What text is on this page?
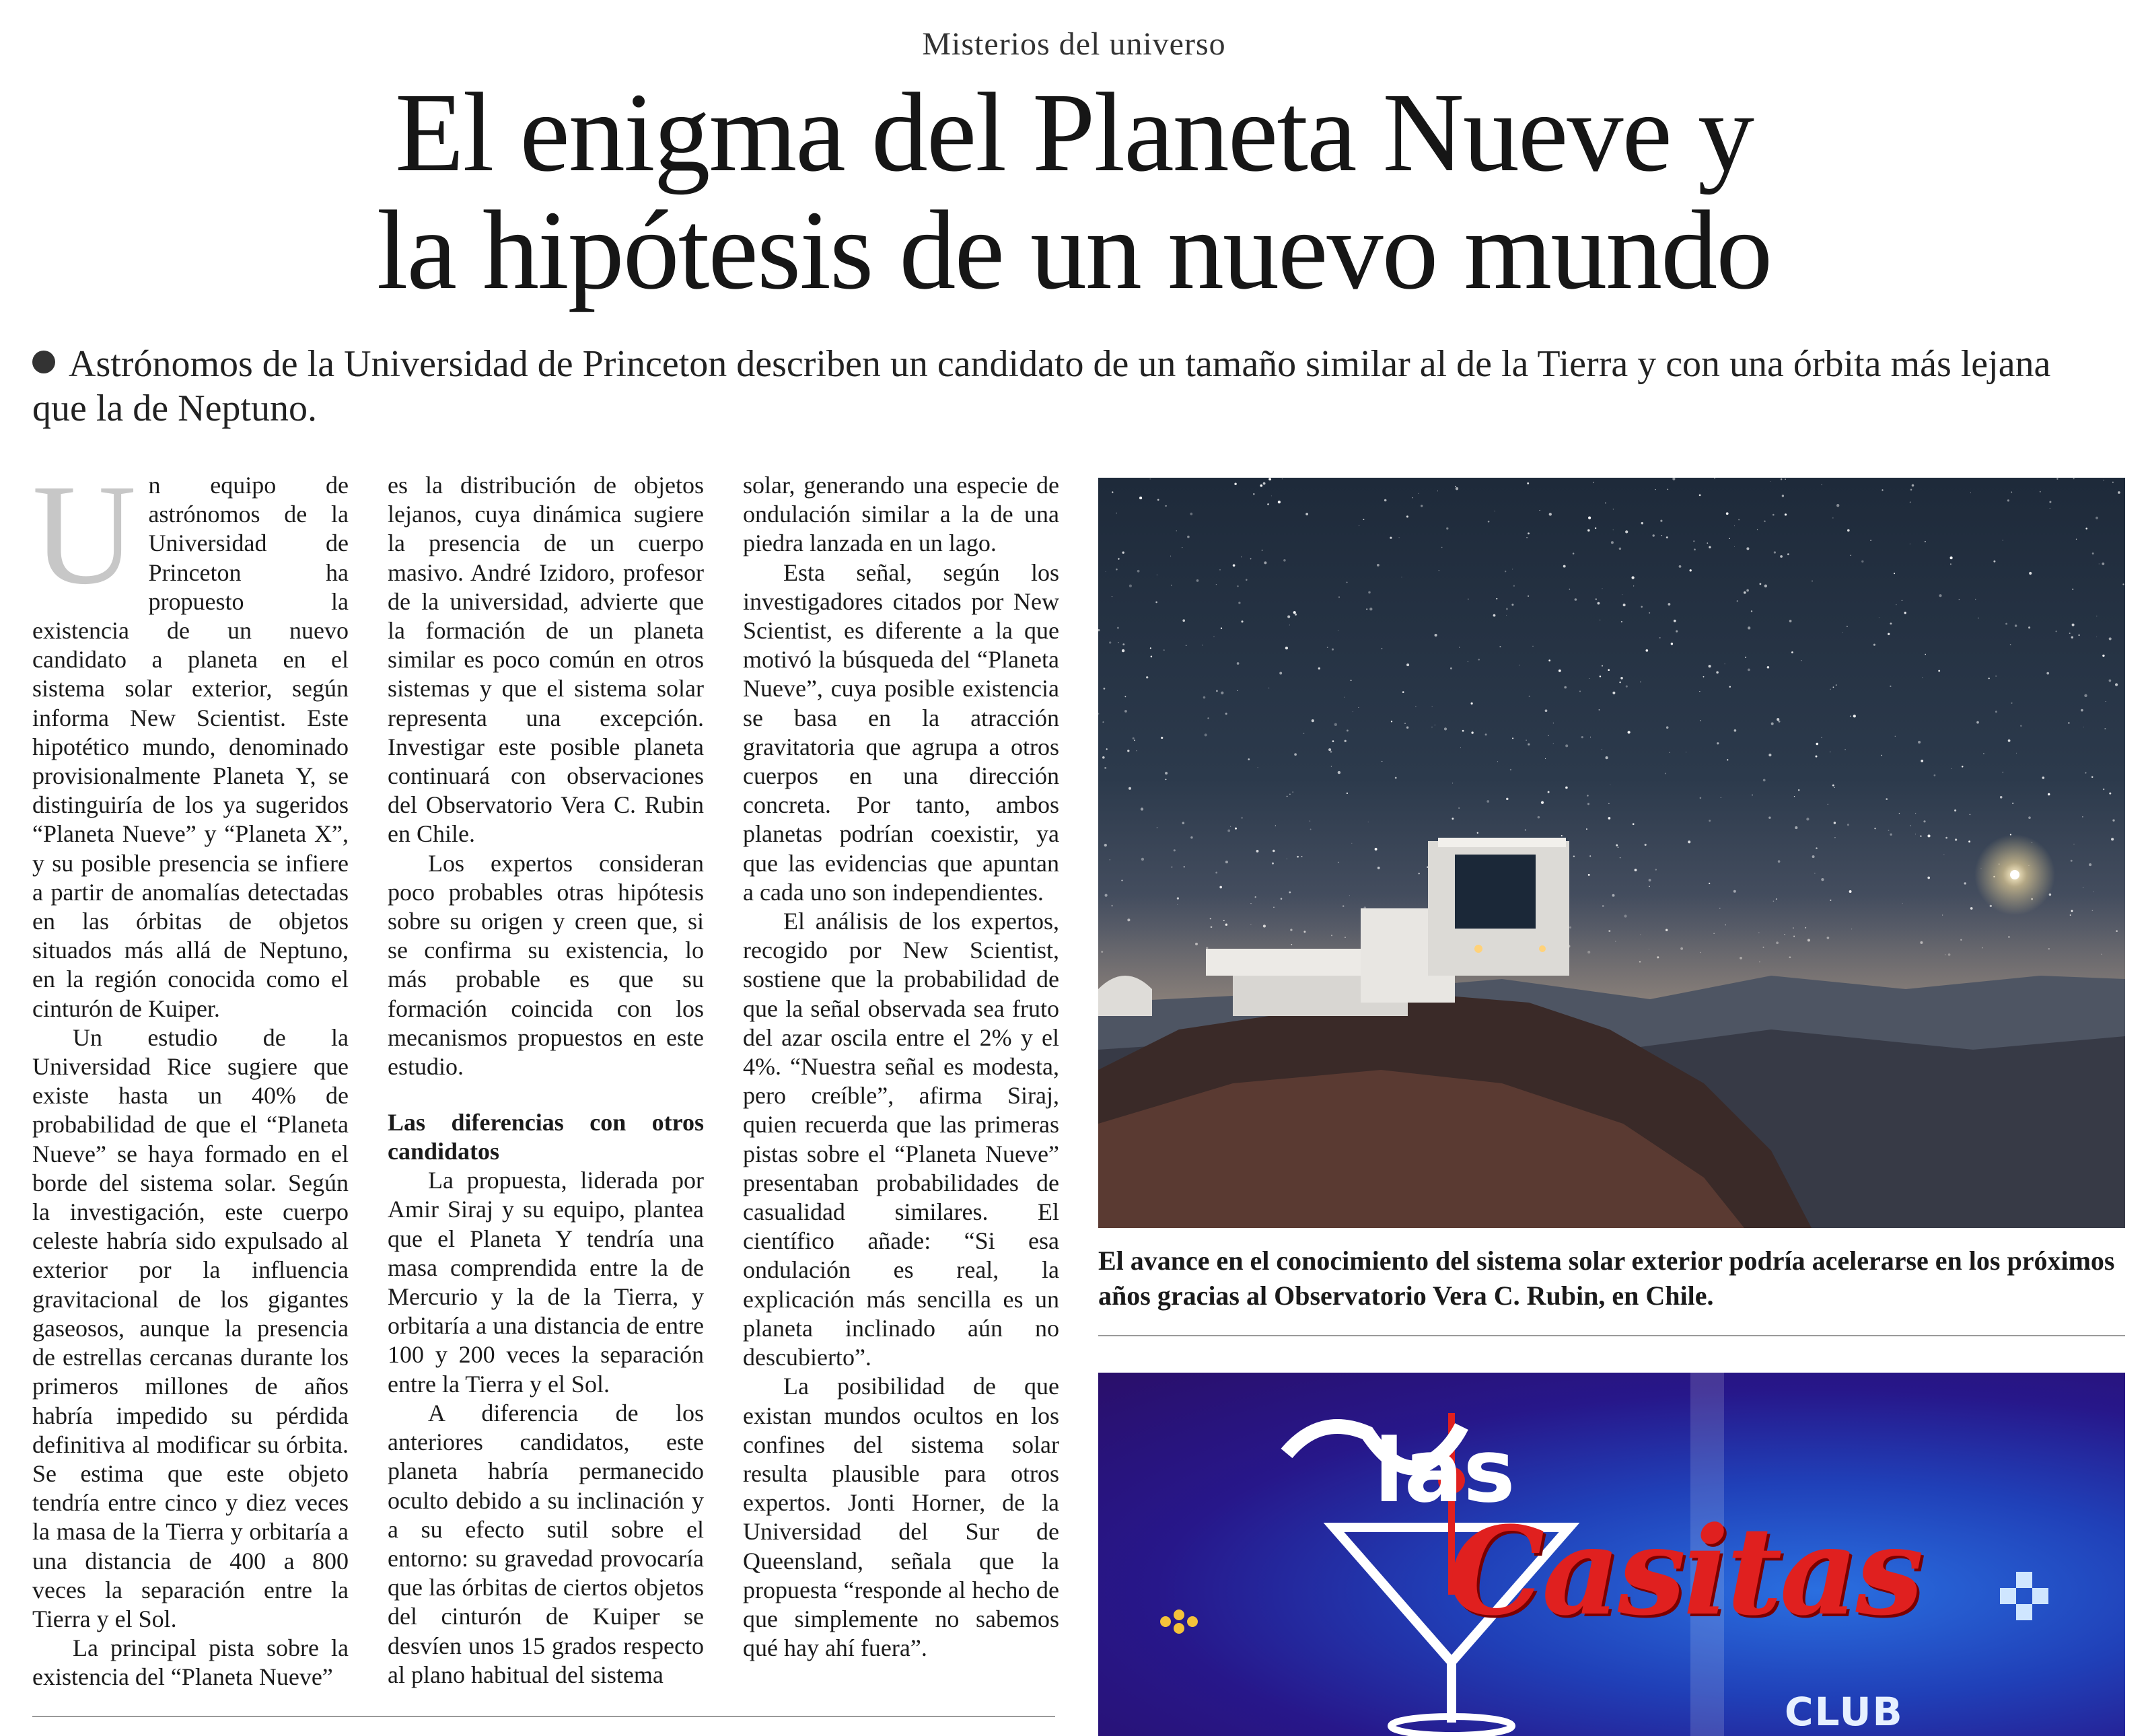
Misterios del universo
El enigma del Planeta Nueve y
la hipótesis de un nuevo mundo
Astrónomos de la Universidad de Princeton describen un candidato de un tamaño similar al de la Tierra y con una órbita más lejana que la de Neptuno.
U n equipo de astrónomos de la Universidad de Princeton ha propuesto la existencia de un nuevo candidato a planeta en el sistema solar exterior, según informa New Scientist. Este hipotético mundo, denominado provisionalmente Planeta Y, se distinguiría de los ya sugeridos “Planeta Nueve” y “Planeta X”, y su posible presencia se infiere a partir de anomalías detectadas en las órbitas de objetos situados más allá de Neptuno, en la región conocida como el cinturón de Kuiper.

Un estudio de la Universidad Rice sugiere que existe hasta un 40% de probabilidad de que el “Planeta Nueve” se haya formado en el borde del sistema solar. Según la investigación, este cuerpo celeste habría sido expulsado al exterior por la influencia gravitacional de los gigantes gaseosos, aunque la presencia de estrellas cercanas durante los primeros millones de años habría impedido su pérdida definitiva al modificar su órbita. Se estima que este objeto tendría entre cinco y diez veces la masa de la Tierra y orbitaría a una distancia de 400 a 800 veces la separación entre la Tierra y el Sol.

La principal pista sobre la existencia del “Planeta Nueve”

es la distribución de objetos lejanos, cuya dinámica sugiere la presencia de un cuerpo masivo. André Izidoro, profesor de la universidad, advierte que la formación de un planeta similar es poco común en otros sistemas y que el sistema solar representa una excepción. Investigar este posible planeta continuará con observaciones del Observatorio Vera C. Rubin en Chile.

Los expertos consideran poco probables otras hipótesis sobre su origen y creen que, si se confirma su existencia, lo más probable es que su formación coincida con los mecanismos propuestos en este estudio.

Las diferencias con otros candidatos

La propuesta, liderada por Amir Siraj y su equipo, plantea que el Planeta Y tendría una masa comprendida entre la de Mercurio y la de la Tierra, y orbitaría a una distancia de entre 100 y 200 veces la separación entre la Tierra y el Sol.

A diferencia de los anteriores candidatos, este planeta habría permanecido oculto debido a su inclinación y a su efecto sutil sobre el entorno: su gravedad provocaría que las órbitas de ciertos objetos del cinturón de Kuiper se desvíen unos 15 grados respecto al plano habitual del sistema

solar, generando una especie de ondulación similar a la de una piedra lanzada en un lago.

Esta señal, según los investigadores citados por New Scientist, es diferente a la que motivó la búsqueda del “Planeta Nueve”, cuya posible existencia se basa en la atracción gravitatoria que agrupa a otros cuerpos en una dirección concreta. Por tanto, ambos planetas podrían coexistir, ya que las evidencias que apuntan a cada uno son independientes.

El análisis de los expertos, recogido por New Scientist, sostiene que la probabilidad de que la señal observada sea fruto del azar oscila entre el 2% y el 4%. “Nuestra señal es modesta, pero creíble”, afirma Siraj, quien recuerda que las primeras pistas sobre el “Planeta Nueve” presentaban probabilidades de casualidad similares. El científico añade: “Si esa ondulación es real, la explicación más sencilla es un planeta inclinado aún no descubierto”.

La posibilidad de que existan mundos ocultos en los confines del sistema solar resulta plausible para otros expertos. Jonti Horner, de la Universidad del Sur de Queensland, señala que la propuesta “responde al hecho de que simplemente no sabemos qué hay ahí fuera”.

El avance en el conocimiento del sistema solar exterior podría acelerarse en los próximos años gracias al Observatorio Vera C. Rubin, en Chile.
las
Casitas
CLUB
